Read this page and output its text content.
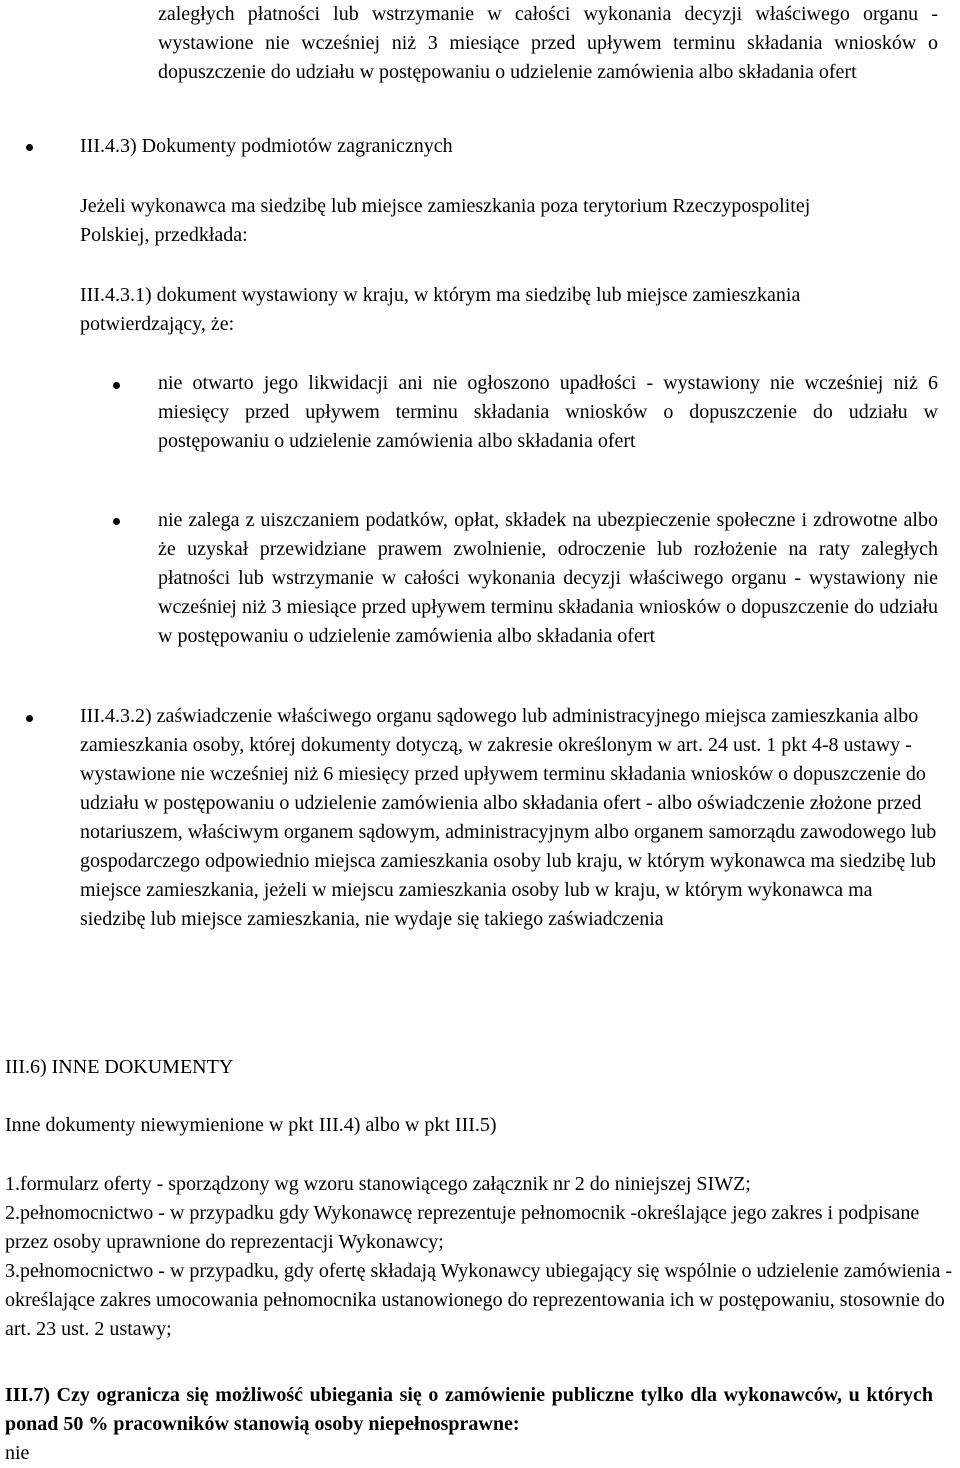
zaległych płatności lub wstrzymanie w całości wykonania decyzji właściwego organu - wystawione nie wcześniej niż 3 miesiące przed upływem terminu składania wniosków o dopuszczenie do udziału w postępowaniu o udzielenie zamówienia albo składania ofert

III.4.3) Dokumenty podmiotów zagranicznych

Jeżeli wykonawca ma siedzibę lub miejsce zamieszkania poza terytorium Rzeczypospolitej Polskiej, przedkłada:

III.4.3.1) dokument wystawiony w kraju, w którym ma siedzibę lub miejsce zamieszkania potwierdzający, że:

nie otwarto jego likwidacji ani nie ogłoszono upadłości - wystawiony nie wcześniej niż 6 miesięcy przed upływem terminu składania wniosków o dopuszczenie do udziału w postępowaniu o udzielenie zamówienia albo składania ofert

nie zalega z uiszczaniem podatków, opłat, składek na ubezpieczenie społeczne i zdrowotne albo że uzyskał przewidziane prawem zwolnienie, odroczenie lub rozłożenie na raty zaległych płatności lub wstrzymanie w całości wykonania decyzji właściwego organu - wystawiony nie wcześniej niż 3 miesiące przed upływem terminu składania wniosków o dopuszczenie do udziału w postępowaniu o udzielenie zamówienia albo składania ofert

III.4.3.2) zaświadczenie właściwego organu sądowego lub administracyjnego miejsca zamieszkania albo zamieszkania osoby, której dokumenty dotyczą, w zakresie określonym w art. 24 ust. 1 pkt 4-8 ustawy - wystawione nie wcześniej niż 6 miesięcy przed upływem terminu składania wniosków o dopuszczenie do udziału w postępowaniu o udzielenie zamówienia albo składania ofert - albo oświadczenie złożone przed notariuszem, właściwym organem sądowym, administracyjnym albo organem samorządu zawodowego lub gospodarczego odpowiednio miejsca zamieszkania osoby lub kraju, w którym wykonawca ma siedzibę lub miejsce zamieszkania, jeżeli w miejscu zamieszkania osoby lub w kraju, w którym wykonawca ma siedzibę lub miejsce zamieszkania, nie wydaje się takiego zaświadczenia

III.6) INNE DOKUMENTY

Inne dokumenty niewymienione w pkt III.4) albo w pkt III.5)

1.formularz oferty - sporządzony wg wzoru stanowiącego załącznik nr 2 do niniejszej SIWZ;

2.pełnomocnictwo - w przypadku gdy Wykonawcę reprezentuje pełnomocnik -określające jego zakres i podpisane przez osoby uprawnione do reprezentacji Wykonawcy;

3.pełnomocnictwo - w przypadku, gdy ofertę składają Wykonawcy ubiegający się wspólnie o udzielenie zamówienia - określające zakres umocowania pełnomocnika ustanowionego do reprezentowania ich w postępowaniu, stosownie do art. 23 ust. 2 ustawy;

III.7) Czy ogranicza się możliwość ubiegania się o zamówienie publiczne tylko dla wykonawców, u których ponad 50 % pracowników stanowią osoby niepełnosprawne:

nie
